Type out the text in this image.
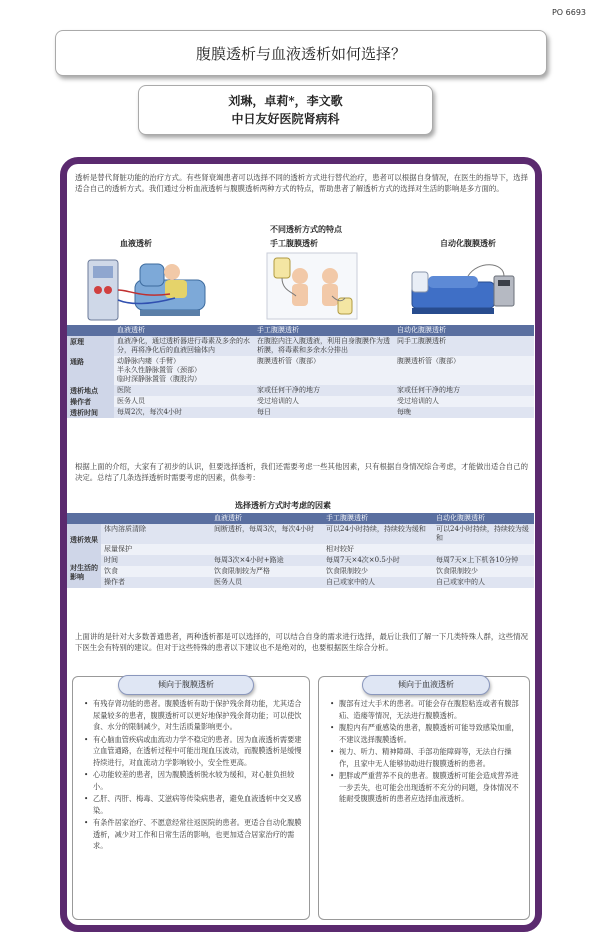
PO 6693
腹膜透析与血液透析如何选择？
刘琳，卓莉*，李文歌
中日友好医院肾病科
透析是替代肾脏功能的治疗方式。有些肾衰竭患者可以选择不同的透析方式进行替代治疗，患者可以根据自身情况，在医生的指导下，选择适合自己的透析方式。我们通过分析血液透析与腹膜透析两种方式的特点，帮助患者了解透析方式的选择对生活的影响是多方面的。
不同透析方式的特点
血液透析	手工腹膜透析	自动化腹膜透析
	血液透析	手工腹膜透析	自动化腹膜透析
原理	血液净化，通过透析器进行毒素及多余的水分，再将净化后的血液回输体内	在腹腔内注入腹透液，利用自身腹膜作为透析膜，将毒素和多余水分排出	同手工腹膜透析
通路	动静脉内瘘（手臂）
半永久性静脉置管（颈部）
临时深静脉置管（腹股沟）	腹膜透析管（腹部）	腹膜透析管（腹部）
透析地点	医院	家或任何干净的地方	家或任何干净的地方
操作者	医务人员	受过培训的人	受过培训的人
透析时间	每周2次，每次4小时	每日	每晚
根据上面的介绍，大家有了初步的认识，但要选择透析，我们还需要考虑一些其他因素，只有根据自身情况综合考虑，才能做出适合自己的决定。总结了几条选择透析时需要考虑的因素，供参考：
选择透析方式时考虑的因素
		血液透析	手工腹膜透析	自动化腹膜透析
透析效果	体内溶质清除	间断透析，每周3次，每次4小时	可以24小时持续，持续较为缓和	可以24小时持续，持续较为缓和
	尿量保护		相对较好	
对生活的影响	时间	每周3次×4小时+路途	每周7天×4次×0.5小时	每周7天×上下机各10分钟
	饮食	饮食限制较为严格	饮食限制较少	饮食限制较少
	操作者	医务人员	自己或家中的人	自己或家中的人
上面讲的是针对大多数普通患者，两种透析都是可以选择的，可以结合自身的需求进行选择，最后让我们了解一下几类特殊人群，这些情况下医生会有特别的建议。但对于这些特殊的患者以下建议也不是绝对的，也要根据医生综合分析。
倾向于腹膜透析
• 有残存肾功能的患者。腹膜透析有助于保护残余肾功能，尤其适合尿量较多的患者，腹膜透析可以更好地保护残余肾功能；可以使饮食、水分的限制减少，对生活质量影响更小。
• 有心脑血管疾病或血流动力学不稳定的患者。因为血液透析需要建立血管通路，在透析过程中可能出现血压波动，而腹膜透析是缓慢持续进行，对血流动力学影响较小，安全性更高。
• 心功能较差的患者，因为腹膜透析脱水较为缓和，对心脏负担较小。
• 乙肝、丙肝、梅毒、艾滋病等传染病患者，避免血液透析中交叉感染。
• 有条件居家治疗、不愿意经常往返医院的患者。更适合自动化腹膜透析，减少对工作和日常生活的影响，也更加适合居家治疗的需求。
倾向于血液透析
• 腹部有过大手术的患者。可能会存在腹腔粘连或者有腹部疝、造瘘等情况，无法进行腹膜透析。
• 腹腔内有严重感染的患者，腹膜透析可能导致感染加重，不建议选择腹膜透析。
• 视力、听力、精神障碍、手部功能障碍等，无法自行操作，且家中无人能够协助进行腹膜透析的患者。
• 肥胖或严重营养不良的患者。腹膜透析可能会造成营养进一步丢失，也可能会出现透析不充分的问题，身体情况不能耐受腹膜透析的患者应选择血液透析。
